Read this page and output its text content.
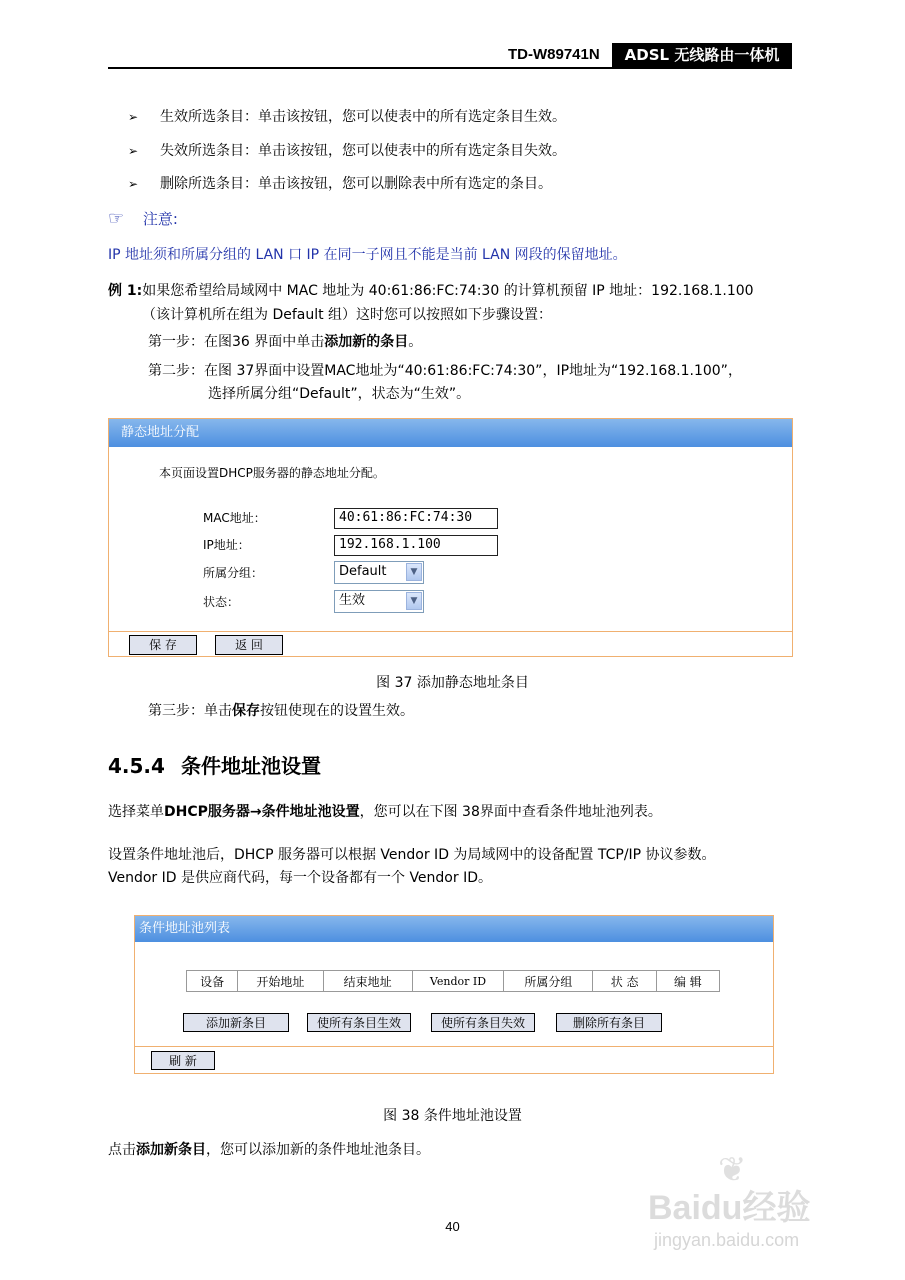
TD-W89741N	ADSL 无线路由一体机
➢ 生效所选条目：单击该按钮，您可以使表中的所有选定条目生效。
➢ 失效所选条目：单击该按钮，您可以使表中的所有选定条目失效。
➢ 删除所选条目：单击该按钮，您可以删除表中所有选定的条目。
☞ 注意:
IP 地址须和所属分组的 LAN 口 IP 在同一子网且不能是当前 LAN 网段的保留地址。
例 1:如果您希望给局域网中 MAC 地址为 40:61:86:FC:74:30 的计算机预留 IP 地址：192.168.1.100
（该计算机所在组为 Default 组）这时您可以按照如下步骤设置：
第一步：在图36 界面中单击添加新的条目。
第二步：在图 37界面中设置MAC地址为“40:61:86:FC:74:30”，IP地址为“192.168.1.100”，
选择所属分组“Default”，状态为“生效”。
静态地址分配
本页面设置DHCP服务器的静态地址分配。
MAC地址：	40:61:86:FC:74:30
IP地址：	192.168.1.100
所属分组：	Default	▼
状态：	生效	▼
保 存	返 回
图 37 添加静态地址条目
第三步：单击保存按钮使现在的设置生效。
4.5.4 条件地址池设置
选择菜单DHCP服务器→条件地址池设置，您可以在下图 38界面中查看条件地址池列表。
设置条件地址池后，DHCP 服务器可以根据 Vendor ID 为局域网中的设备配置 TCP/IP 协议参数。
Vendor ID 是供应商代码，每一个设备都有一个 Vendor ID。
条件地址池列表
设备	开始地址	结束地址	Vendor ID	所属分组	状 态	编 辑
添加新条目	使所有条目生效	使所有条目失效	删除所有条目
刷 新
图 38 条件地址池设置
点击添加新条目，您可以添加新的条件地址池条目。	❦
Baidu经验
jingyan.baidu.com
40
